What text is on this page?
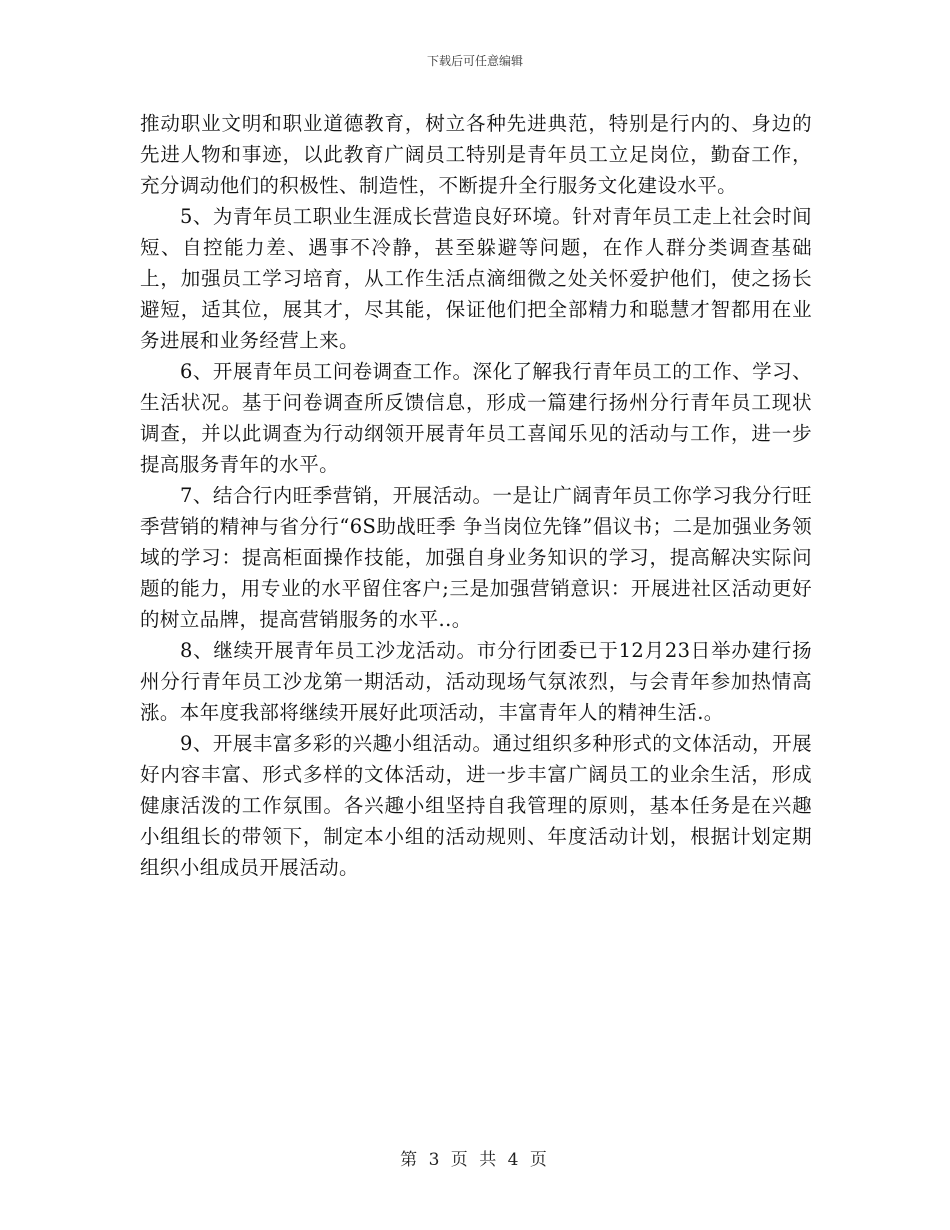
下载后可任意编辑

推动职业文明和职业道德教育，树立各种先进典范，特别是行内的、身边的先进人物和事迹，以此教育广阔员工特别是青年员工立足岗位，勤奋工作，充分调动他们的积极性、制造性，不断提升全行服务文化建设水平。

5、为青年员工职业生涯成长营造良好环境。针对青年员工走上社会时间短、自控能力差、遇事不冷静，甚至躲避等问题，在作人群分类调查基础上，加强员工学习培育，从工作生活点滴细微之处关怀爱护他们，使之扬长避短，适其位，展其才，尽其能，保证他们把全部精力和聪慧才智都用在业务进展和业务经营上来。

6、开展青年员工问卷调查工作。深化了解我行青年员工的工作、学习、生活状况。基于问卷调查所反馈信息，形成一篇建行扬州分行青年员工现状调查，并以此调查为行动纲领开展青年员工喜闻乐见的活动与工作，进一步提高服务青年的水平。

7、结合行内旺季营销，开展活动。一是让广阔青年员工你学习我分行旺季营销的精神与省分行“6S助战旺季 争当岗位先锋”倡议书；二是加强业务领域的学习：提高柜面操作技能，加强自身业务知识的学习，提高解决实际问题的能力，用专业的水平留住客户;三是加强营销意识：开展进社区活动更好的树立品牌，提高营销服务的水平..。

8、继续开展青年员工沙龙活动。市分行团委已于12月23日举办建行扬州分行青年员工沙龙第一期活动，活动现场气氛浓烈，与会青年参加热情高涨。本年度我部将继续开展好此项活动，丰富青年人的精神生活.。

9、开展丰富多彩的兴趣小组活动。通过组织多种形式的文体活动，开展好内容丰富、形式多样的文体活动，进一步丰富广阔员工的业余生活，形成健康活泼的工作氛围。各兴趣小组坚持自我管理的原则，基本任务是在兴趣小组组长的带领下，制定本小组的活动规则、年度活动计划，根据计划定期组织小组成员开展活动。

第 3 页 共 4 页
